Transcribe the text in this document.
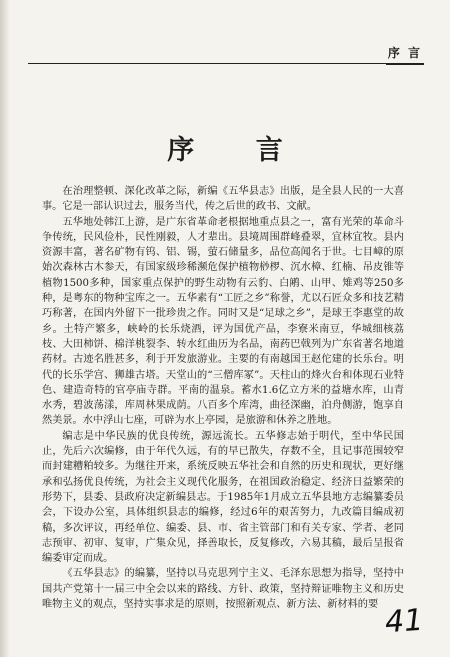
序 言
序 言

在治理整顿、深化改革之际，新编《五华县志》出版，是全县人民的一大喜事。它是一部认识过去，服务当代，传之后世的政书、文献。

五华地处韩江上游，是广东省革命老根据地重点县之一，富有光荣的革命斗争传统，民风俭朴，民性刚毅，人才辈出。县境周围群峰叠翠，宜林宜牧。县内资源丰富，著名矿物有钨、铝、锡，萤石储量多，品位高闻名于世。七目嶂的原始次森林古木参天，有国家级珍稀濒危保护植物桫椤、沉水樟、红楠、吊皮锥等植物1500多种，国家重点保护的野生动物有云豹、白鹇、山甲、雉鸡等250多种，是粤东的物种宝库之一。五华素有“工匠之乡”称誉，尤以石匠众多和技艺精巧称著，在国内外留下一批珍贵之作。同时又是“足球之乡”，是球王李惠堂的故乡。土特产繁多，峡岭的长乐烧酒，评为国优产品，李寮米南豆，华城细核荔枝、大田柿饼、棉洋桃裂李、转水红曲历为名品，南药巴戟列为广东省著名地道药材。古迹名胜甚多，利于开发旅游业。主要的有南越国王赵佗建的长乐台。明代的长乐学宫、狮雄古塔。天堂山的“三僧库冢”。天柱山的烽火台和体现石业特色、建造奇特的官亭庙寺群。平南的温泉。蓄水1.6亿立方米的益塘水库，山青水秀，碧波荡漾，库周林果成荫。八百多个库湾，曲径深幽，泊舟侧游，饱享自然美景。水中浮山七座，可辟为水上亭园，是旅游和休养之胜地。

编志是中华民族的优良传统，源远流长。五华修志始于明代，至中华民国止，先后六次编修，由于年代久远，有的早已散失，存数不全，且记事范围较窄而封建糟粕较多。为继往开来，系统反映五华社会和自然的历史和现状，更好继承和弘扬优良传统，为社会主义现代化服务，在祖国政治稳定、经济日益繁荣的形势下，县委、县政府决定新编县志。于1985年1月成立五华县地方志编纂委员会，下设办公室，具体组织县志的编修，经过6年的艰苦努力，九改篇目编成初稿，多次评议，再经单位、编委、县、市、省主管部门和有关专家、学者、老同志预审、初审、复审，广集众见，择善取长，反复修改，六易其稿，最后呈报省编委审定而成。

《五华县志》的编纂，坚持以马克思列宁主义、毛泽东思想为指导，坚持中国共产党第十一届三中全会以来的路线、方针、政策，坚持辩证唯物主义和历史唯物主义的观点，坚持实事求是的原则，按照新观点、新方法、新材料的要 41
